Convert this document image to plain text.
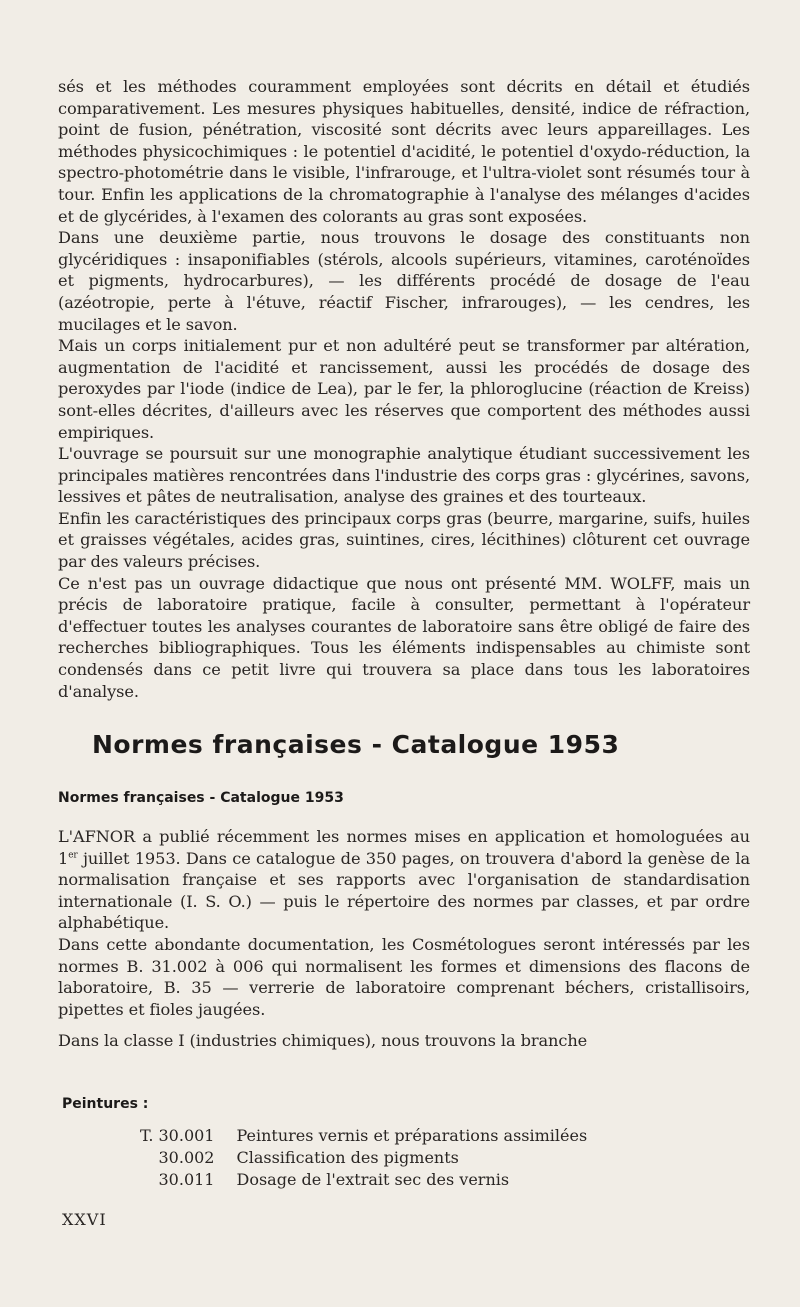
sés et les méthodes couramment employées sont décrits en détail et étudiés comparativement. Les mesures physiques habituelles, densité, indice de réfraction, point de fusion, pénétration, viscosité sont décrits avec leurs appareillages. Les méthodes physicochimiques : le potentiel d'acidité, le potentiel d'oxydo-réduction, la spectro-photométrie dans le visible, l'infrarouge, et l'ultra-violet sont résumés tour à tour. Enfin les applications de la chromatographie à l'analyse des mélanges d'acides et de glycérides, à l'examen des colorants au gras sont exposées.

Dans une deuxième partie, nous trouvons le dosage des constituants non glycéridiques : insaponifiables (stérols, alcools supérieurs, vitamines, caroténoïdes et pigments, hydrocarbures), — les différents procédé de dosage de l'eau (azéotropie, perte à l'étuve, réactif Fischer, infrarouges), — les cendres, les mucilages et le savon.

Mais un corps initialement pur et non adultéré peut se transformer par altération, augmentation de l'acidité et rancissement, aussi les procédés de dosage des peroxydes par l'iode (indice de Lea), par le fer, la phloroglucine (réaction de Kreiss) sont-elles décrites, d'ailleurs avec les réserves que comportent des méthodes aussi empiriques.

L'ouvrage se poursuit sur une monographie analytique étudiant successivement les principales matières rencontrées dans l'industrie des corps gras : glycérines, savons, lessives et pâtes de neutralisation, analyse des graines et des tourteaux.

Enfin les caractéristiques des principaux corps gras (beurre, margarine, suifs, huiles et graisses végétales, acides gras, suintines, cires, lécithines) clôturent cet ouvrage par des valeurs précises.

Ce n'est pas un ouvrage didactique que nous ont présenté MM. WOLFF, mais un précis de laboratoire pratique, facile à consulter, permettant à l'opérateur d'effectuer toutes les analyses courantes de laboratoire sans être obligé de faire des recherches bibliographiques. Tous les éléments indispensables au chimiste sont condensés dans ce petit livre qui trouvera sa place dans tous les laboratoires d'analyse.

Normes françaises - Catalogue 1953
Normes françaises - Catalogue 1953

L'AFNOR a publié récemment les normes mises en application et homologuées au 1er juillet 1953. Dans ce catalogue de 350 pages, on trouvera d'abord la genèse de la normalisation française et ses rapports avec l'organisation de standardisation internationale (I. S. O.) — puis le répertoire des normes par classes, et par ordre alphabétique.

Dans cette abondante documentation, les Cosmétologues seront intéressés par les normes B. 31.002 à 006 qui normalisent les formes et dimensions des flacons de laboratoire, B. 35 — verrerie de laboratoire comprenant béchers, cristallisoirs, pipettes et fioles jaugées.

Dans la classe I (industries chimiques), nous trouvons la branche

Peintures :
T. 30.001	Peintures vernis et préparations assimilées
30.002	Classification des pigments
30.011	Dosage de l'extrait sec des vernis
XXVI
